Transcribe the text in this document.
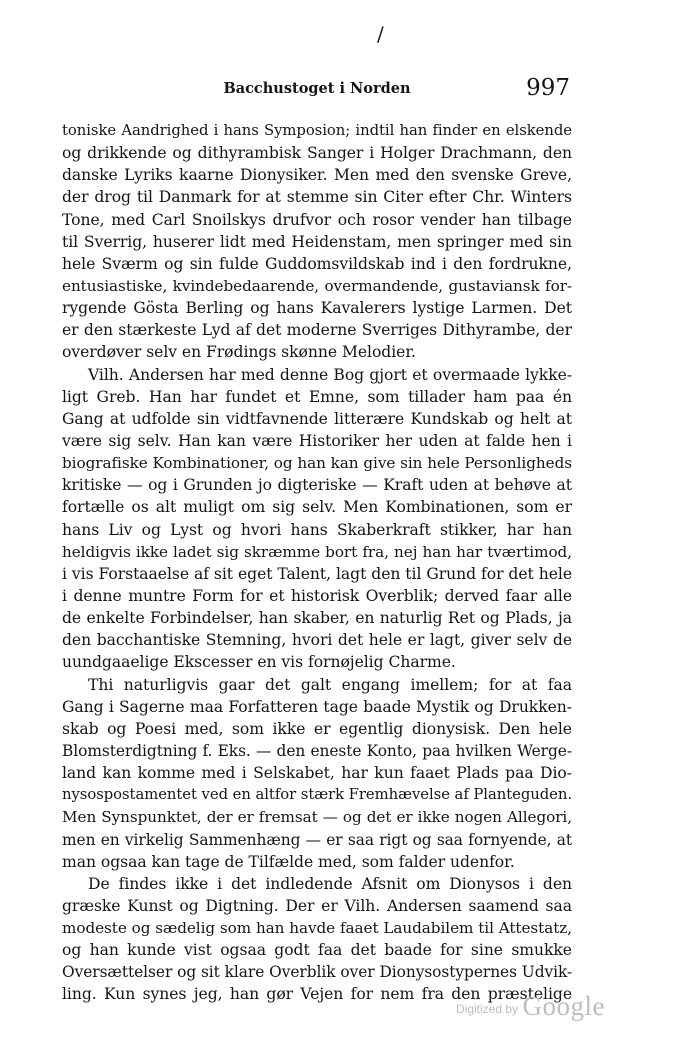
/
Bacchustoget i Norden	997
toniske Aandrighed i hans Symposion; indtil han finder en elskende
og drikkende og dithyrambisk Sanger i Holger Drachmann, den
danske Lyriks kaarne Dionysiker. Men med den svenske Greve,
der drog til Danmark for at stemme sin Citer efter Chr. Winters
Tone, med Carl Snoilskys drufvor och rosor vender han tilbage
til Sverrig, huserer lidt med Heidenstam, men springer med sin
hele Sværm og sin fulde Guddomsvildskab ind i den fordrukne,
entusiastiske, kvindebedaarende, overmandende, gustaviansk for-
rygende Gösta Berling og hans Kavalerers lystige Larmen. Det
er den stærkeste Lyd af det moderne Sverriges Dithyrambe, der
overdøver selv en Frødings skønne Melodier.
Vilh. Andersen har med denne Bog gjort et overmaade lykke-
ligt Greb. Han har fundet et Emne, som tillader ham paa én
Gang at udfolde sin vidtfavnende litterære Kundskab og helt at
være sig selv. Han kan være Historiker her uden at falde hen i
biografiske Kombinationer, og han kan give sin hele Personligheds
kritiske — og i Grunden jo digteriske — Kraft uden at behøve at
fortælle os alt muligt om sig selv. Men Kombinationen, som er
hans Liv og Lyst og hvori hans Skaberkraft stikker, har han
heldigvis ikke ladet sig skræmme bort fra, nej han har tværtimod,
i vis Forstaaelse af sit eget Talent, lagt den til Grund for det hele
i denne muntre Form for et historisk Overblik; derved faar alle
de enkelte Forbindelser, han skaber, en naturlig Ret og Plads, ja
den bacchantiske Stemning, hvori det hele er lagt, giver selv de
uundgaaelige Ekscesser en vis fornøjelig Charme.
Thi naturligvis gaar det galt engang imellem; for at faa
Gang i Sagerne maa Forfatteren tage baade Mystik og Drukken-
skab og Poesi med, som ikke er egentlig dionysisk. Den hele
Blomsterdigtning f. Eks. — den eneste Konto, paa hvilken Werge-
land kan komme med i Selskabet, har kun faaet Plads paa Dio-
nysospostamentet ved en altfor stærk Fremhævelse af Planteguden.
Men Synspunktet, der er fremsat — og det er ikke nogen Allegori,
men en virkelig Sammenhæng — er saa rigt og saa fornyende, at
man ogsaa kan tage de Tilfælde med, som falder udenfor.
De findes ikke i det indledende Afsnit om Dionysos i den
græske Kunst og Digtning. Der er Vilh. Andersen saamend saa
modeste og sædelig som han havde faaet Laudabilem til Attestatz,
og han kunde vist ogsaa godt faa det baade for sine smukke
Oversættelser og sit klare Overblik over Dionysostypernes Udvik-
ling. Kun synes jeg, han gør Vejen for nem fra den præstelige
Digitized by Google
